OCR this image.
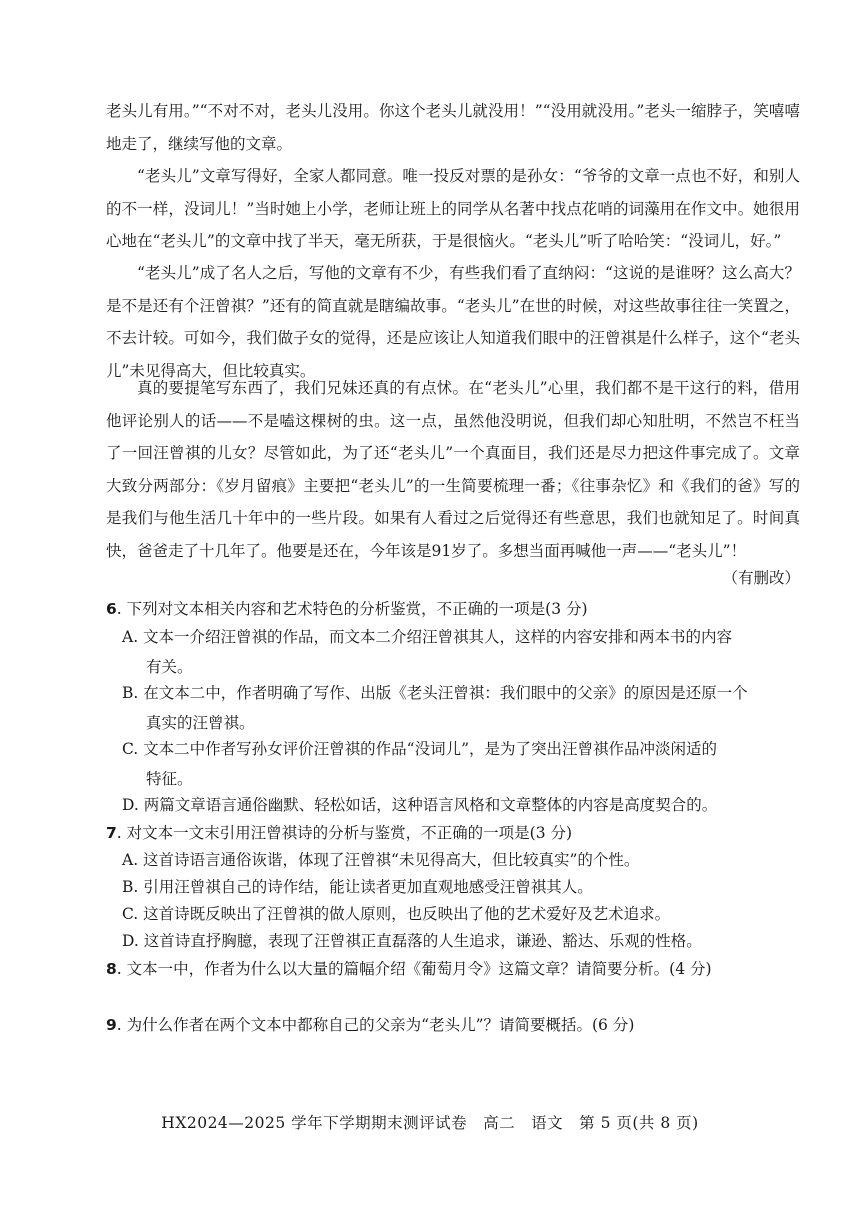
老头儿有用。”“不对不对，老头儿没用。你这个老头儿就没用！”“没用就没用。”老头一缩脖子，笑嘻嘻地走了，继续写他的文章。

“老头儿”文章写得好，全家人都同意。唯一投反对票的是孙女：“爷爷的文章一点也不好，和别人的不一样，没词儿！”当时她上小学，老师让班上的同学从名著中找点花哨的词藻用在作文中。她很用心地在“老头儿”的文章中找了半天，毫无所获，于是很恼火。“老头儿”听了哈哈笑：“没词儿，好。”

“老头儿”成了名人之后，写他的文章有不少，有些我们看了直纳闷：“这说的是谁呀？这么高大？是不是还有个汪曾祺？”还有的简直就是瞎编故事。“老头儿”在世的时候，对这些故事往往一笑置之，不去计较。可如今，我们做子女的觉得，还是应该让人知道我们眼中的汪曾祺是什么样子，这个“老头儿”未见得高大，但比较真实。

真的要提笔写东西了，我们兄妹还真的有点怵。在“老头儿”心里，我们都不是干这行的料，借用他评论别人的话——不是嗑这棵树的虫。这一点，虽然他没明说，但我们却心知肚明，不然岂不枉当了一回汪曾祺的儿女？尽管如此，为了还“老头儿”一个真面目，我们还是尽力把这件事完成了。文章大致分两部分：《岁月留痕》主要把“老头儿”的一生简要梳理一番；《往事杂忆》和《我们的爸》写的是我们与他生活几十年中的一些片段。如果有人看过之后觉得还有些意思，我们也就知足了。时间真快，爸爸走了十几年了。他要是还在，今年该是91岁了。多想当面再喊他一声——“老头儿”！

（有删改）

6. 下列对文本相关内容和艺术特色的分析鉴赏，不正确的一项是(3 分)

A. 文本一介绍汪曾祺的作品，而文本二介绍汪曾祺其人，这样的内容安排和两本书的内容
有关。

B. 在文本二中，作者明确了写作、出版《老头汪曾祺：我们眼中的父亲》的原因是还原一个
真实的汪曾祺。

C. 文本二中作者写孙女评价汪曾祺的作品“没词儿”，是为了突出汪曾祺作品冲淡闲适的
特征。

D. 两篇文章语言通俗幽默、轻松如话，这种语言风格和文章整体的内容是高度契合的。

7. 对文本一文末引用汪曾祺诗的分析与鉴赏，不正确的一项是(3 分)

A. 这首诗语言通俗诙谐，体现了汪曾祺“未见得高大，但比较真实”的个性。

B. 引用汪曾祺自己的诗作结，能让读者更加直观地感受汪曾祺其人。

C. 这首诗既反映出了汪曾祺的做人原则，也反映出了他的艺术爱好及艺术追求。

D. 这首诗直抒胸臆，表现了汪曾祺正直磊落的人生追求，谦逊、豁达、乐观的性格。

8. 文本一中，作者为什么以大量的篇幅介绍《葡萄月令》这篇文章？请简要分析。(4 分)

9. 为什么作者在两个文本中都称自己的父亲为“老头儿”？请简要概括。(6 分)

HX2024—2025 学年下学期期末测评试卷　高二　语文　第 5 页(共 8 页)
